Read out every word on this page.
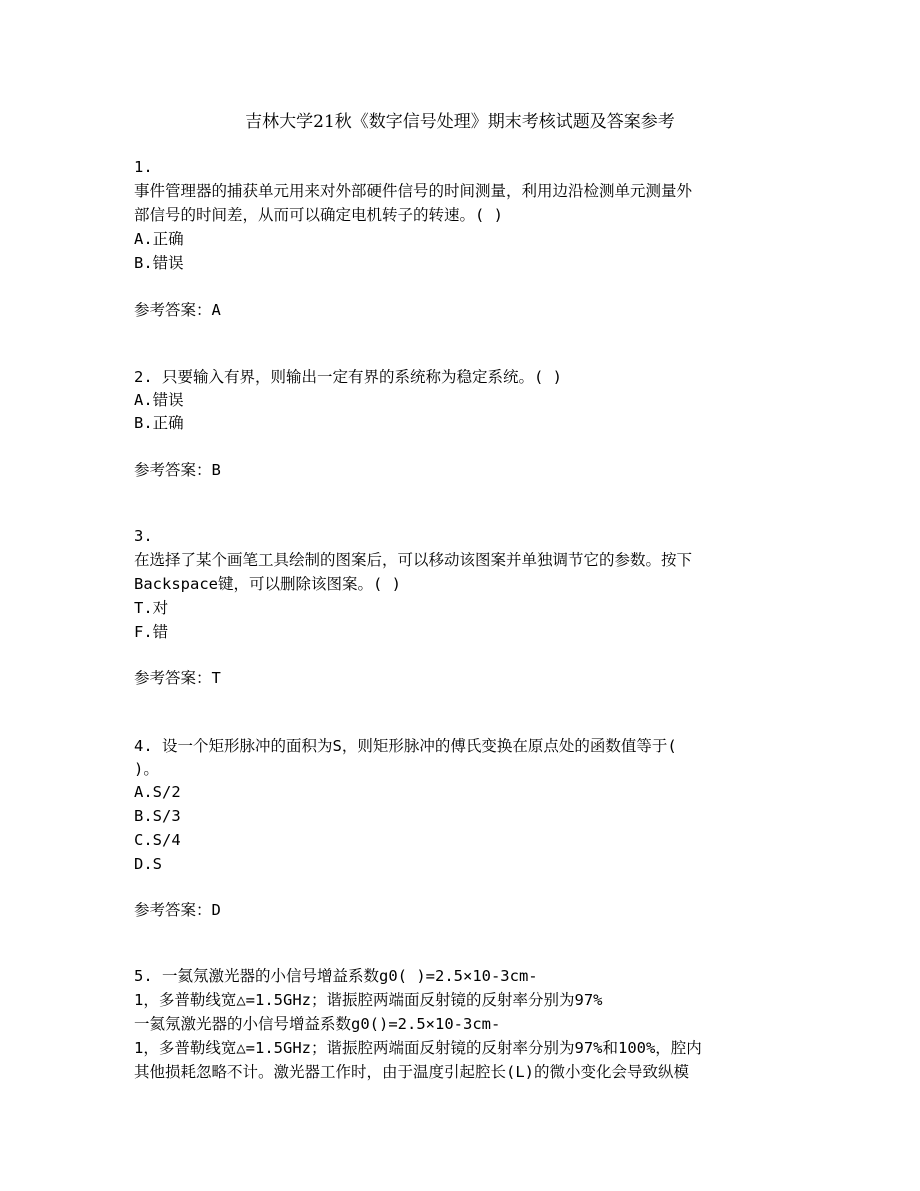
吉林大学21秋《数字信号处理》期末考核试题及答案参考
1.
事件管理器的捕获单元用来对外部硬件信号的时间测量，利用边沿检测单元测量外
部信号的时间差，从而可以确定电机转子的转速。( )
A.正确
B.错误
参考答案：A
2. 只要输入有界，则输出一定有界的系统称为稳定系统。( )
A.错误
B.正确
参考答案：B
3.
在选择了某个画笔工具绘制的图案后，可以移动该图案并单独调节它的参数。按下
Backspace键，可以删除该图案。( )
T.对
F.错
参考答案：T
4. 设一个矩形脉冲的面积为S，则矩形脉冲的傅氏变换在原点处的函数值等于(
)。
A.S/2
B.S/3
C.S/4
D.S
参考答案：D
5. 一氦氖激光器的小信号增益系数g0( )=2.5×10-3cm-
1，多普勒线宽△=1.5GHz；谐振腔两端面反射镜的反射率分别为97%
一氦氖激光器的小信号增益系数g0()=2.5×10-3cm-
1，多普勒线宽△=1.5GHz；谐振腔两端面反射镜的反射率分别为97%和100%，腔内
其他损耗忽略不计。激光器工作时，由于温度引起腔长(L)的微小变化会导致纵模
